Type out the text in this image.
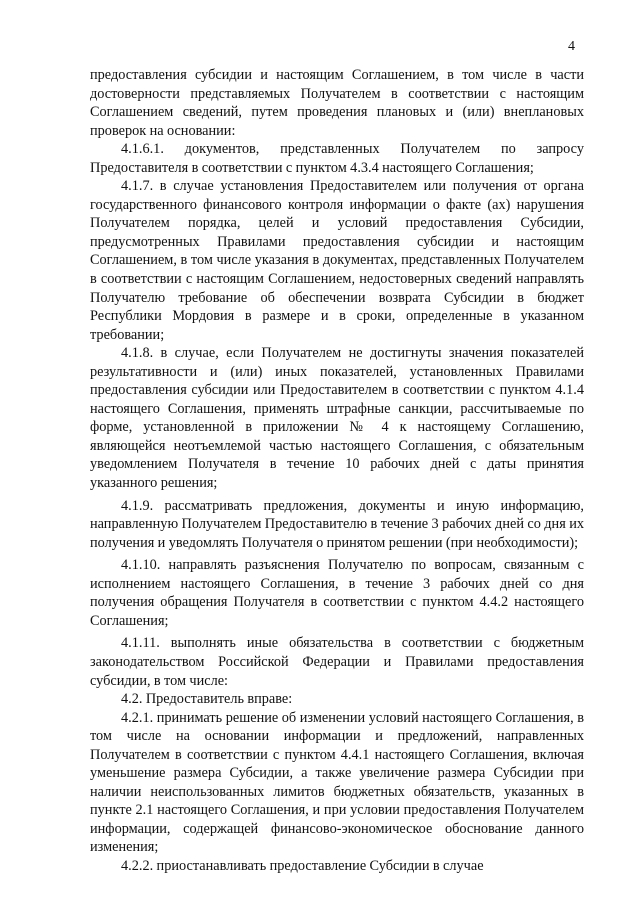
4

предоставления субсидии и настоящим Соглашением, в том числе в части достоверности представляемых Получателем в соответствии с настоящим Соглашением сведений, путем проведения плановых и (или) внеплановых проверок на основании:

4.1.6.1. документов, представленных Получателем по запросу Предоставителя в соответствии с пунктом 4.3.4 настоящего Соглашения;

4.1.7. в случае установления Предоставителем или получения от органа государственного финансового контроля информации о факте (ах) нарушения Получателем порядка, целей и условий предоставления Субсидии, предусмотренных Правилами предоставления субсидии и настоящим Соглашением, в том числе указания в документах, представленных Получателем в соответствии с настоящим Соглашением, недостоверных сведений направлять Получателю требование об обеспечении возврата Субсидии в бюджет Республики Мордовия в размере и в сроки, определенные в указанном требовании;

4.1.8. в случае, если Получателем не достигнуты значения показателей результативности и (или) иных показателей, установленных Правилами предоставления субсидии или Предоставителем в соответствии с пунктом 4.1.4 настоящего Соглашения, применять штрафные санкции, рассчитываемые по форме, установленной в приложении № 4 к настоящему Соглашению, являющейся неотъемлемой частью настоящего Соглашения, с обязательным уведомлением Получателя в течение 10 рабочих дней с даты принятия указанного решения;

4.1.9. рассматривать предложения, документы и иную информацию, направленную Получателем Предоставителю в течение 3 рабочих дней со дня их получения и уведомлять Получателя о принятом решении (при необходимости);

4.1.10. направлять разъяснения Получателю по вопросам, связанным с исполнением настоящего Соглашения, в течение 3 рабочих дней со дня получения обращения Получателя в соответствии с пунктом 4.4.2 настоящего Соглашения;

4.1.11. выполнять иные обязательства в соответствии с бюджетным законодательством Российской Федерации и Правилами предоставления субсидии, в том числе:

4.2. Предоставитель вправе:

4.2.1. принимать решение об изменении условий настоящего Соглашения, в том числе на основании информации и предложений, направленных Получателем в соответствии с пунктом 4.4.1 настоящего Соглашения, включая уменьшение размера Субсидии, а также увеличение размера Субсидии при наличии неиспользованных лимитов бюджетных обязательств, указанных в пункте 2.1 настоящего Соглашения, и при условии предоставления Получателем информации, содержащей финансово-экономическое обоснование данного изменения;

4.2.2. приостанавливать предоставление Субсидии в случае
